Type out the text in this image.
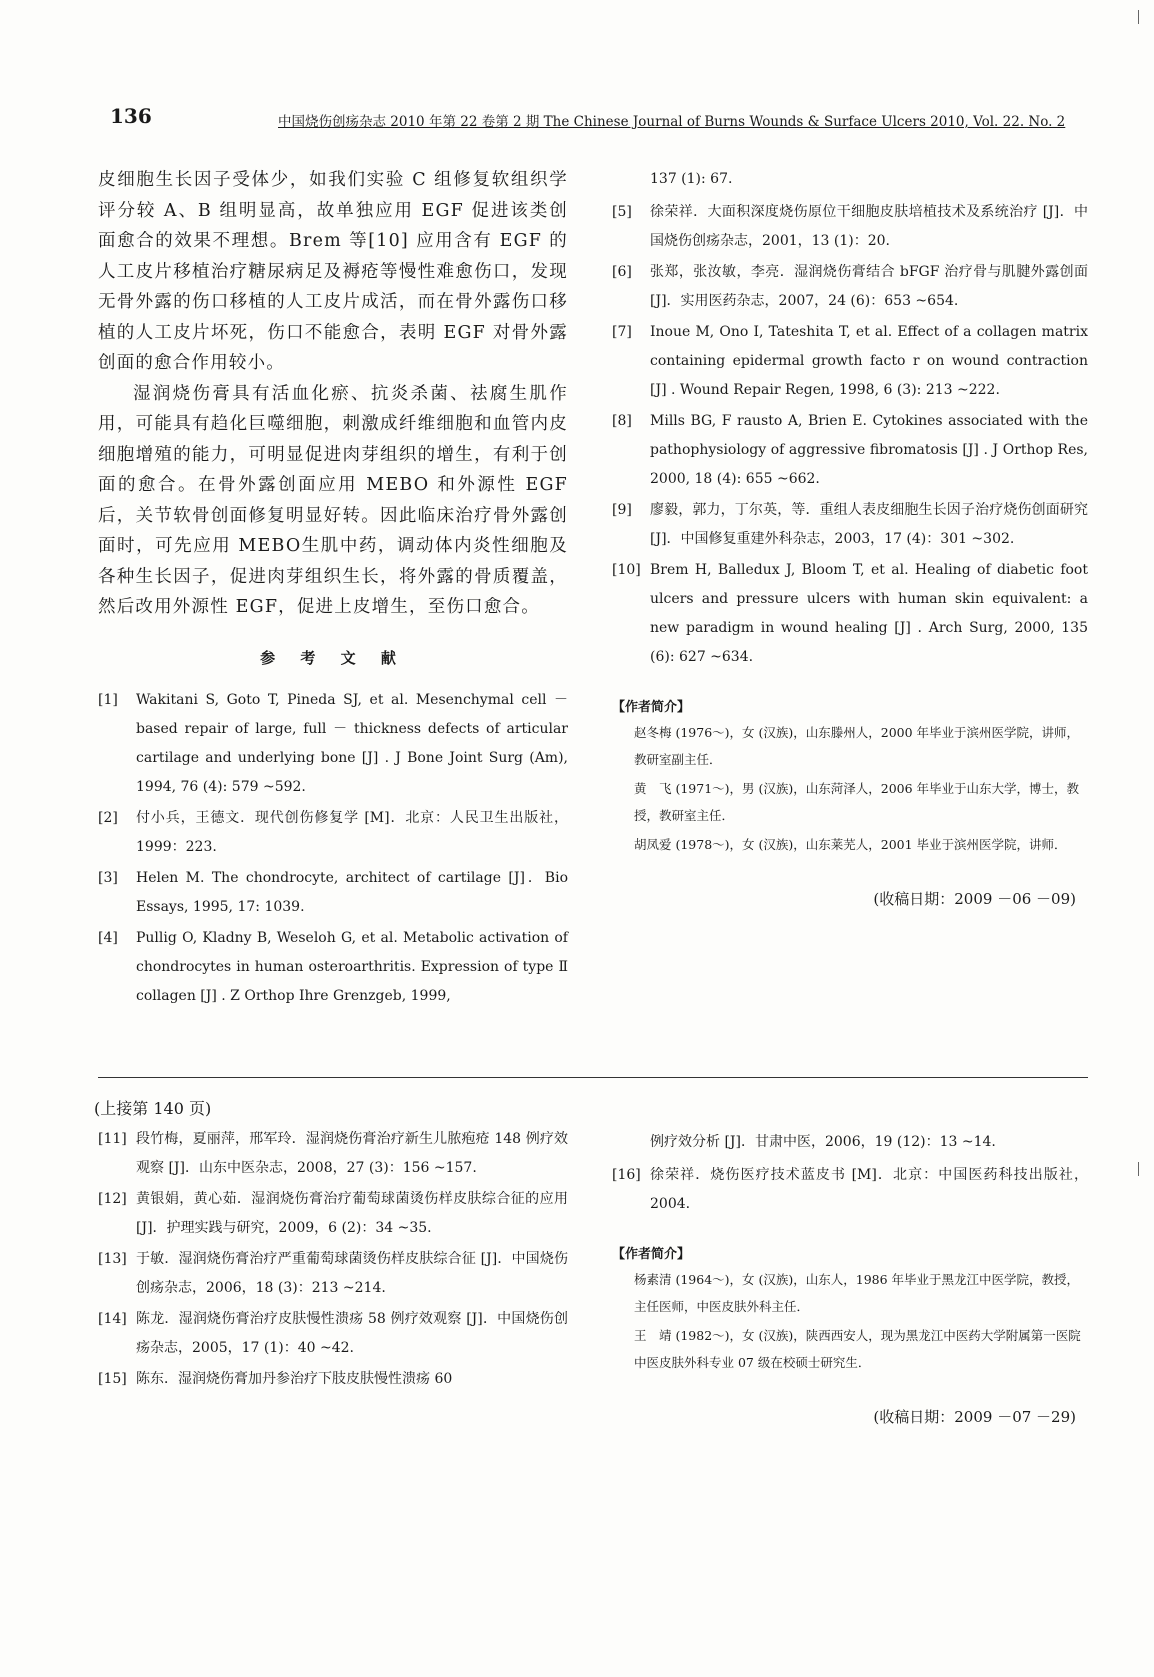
136	中国烧伤创疡杂志 2010 年第 22 卷第 2 期 The Chinese Journal of Burns Wounds & Surface Ulcers 2010, Vol. 22. No. 2

皮细胞生长因子受体少，如我们实验 C 组修复软组织学评分较 A、B 组明显高，故单独应用 EGF 促进该类创面愈合的效果不理想。Brem 等[10] 应用含有 EGF 的人工皮片移植治疗糖尿病足及褥疮等慢性难愈伤口，发现无骨外露的伤口移植的人工皮片成活，而在骨外露伤口移植的人工皮片坏死，伤口不能愈合，表明 EGF 对骨外露创面的愈合作用较小。

湿润烧伤膏具有活血化瘀、抗炎杀菌、祛腐生肌作用，可能具有趋化巨噬细胞，刺激成纤维细胞和血管内皮细胞增殖的能力，可明显促进肉芽组织的增生，有利于创面的愈合。在骨外露创面应用 MEBO 和外源性 EGF 后，关节软骨创面修复明显好转。因此临床治疗骨外露创面时，可先应用 MEBO生肌中药，调动体内炎性细胞及各种生长因子，促进肉芽组织生长，将外露的骨质覆盖，然后改用外源性 EGF，促进上皮增生，至伤口愈合。

参 考 文 献
[1]	Wakitani S, Goto T, Pineda SJ, et al. Mesenchymal cell －based repair of large, full － thickness defects of articular cartilage and underlying bone [J] . J Bone Joint Surg (Am), 1994, 76 (4): 579 ~592.
[2]	付小兵，王德文．现代创伤修复学 [M]．北京：人民卫生出版社，1999：223.
[3]	Helen M. The chondrocyte, architect of cartilage [J]．Bio Essays, 1995, 17: 1039.
[4]	Pullig O, Kladny B, Weseloh G, et al. Metabolic activation of chondrocytes in human osteroarthritis. Expression of type Ⅱ collagen [J] . Z Orthop Ihre Grenzgeb, 1999,
137 (1): 67.
[5]	徐荣祥．大面积深度烧伤原位干细胞皮肤培植技术及系统治疗 [J]．中国烧伤创疡杂志，2001，13 (1)：20.
[6]	张郑，张汝敏，李亮．湿润烧伤膏结合 bFGF 治疗骨与肌腱外露创面 [J]．实用医药杂志，2007，24 (6)：653 ~654.
[7]	Inoue M, Ono I, Tateshita T, et al. Effect of a collagen matrix containing epidermal growth facto r on wound contraction [J] . Wound Repair Regen, 1998, 6 (3): 213 ~222.
[8]	Mills BG, F rausto A, Brien E. Cytokines associated with the pathophysiology of aggressive fibromatosis [J] . J Orthop Res, 2000, 18 (4): 655 ~662.
[9]	廖毅，郭力，丁尔英，等．重组人表皮细胞生长因子治疗烧伤创面研究 [J]．中国修复重建外科杂志，2003，17 (4)：301 ~302.
[10] Brem H, Balledux J, Bloom T, et al. Healing of diabetic foot ulcers and pressure ulcers with human skin equivalent: a new paradigm in wound healing [J] . Arch Surg, 2000, 135 (6): 627 ~634.
【作者简介】

赵冬梅 (1976～)，女 (汉族)，山东滕州人，2000 年毕业于滨州医学院，讲师，教研室副主任．

黄　飞 (1971～)，男 (汉族)，山东菏泽人，2006 年毕业于山东大学，博士，教授，教研室主任．

胡凤爱 (1978～)，女 (汉族)，山东莱芜人，2001 毕业于滨州医学院，讲师．

(收稿日期：2009 －06 －09)
(上接第 140 页)
[11] 段竹梅，夏丽萍，邢军玲．湿润烧伤膏治疗新生儿脓疱疮 148 例疗效观察 [J]．山东中医杂志，2008，27 (3)：156 ~157.
[12] 黄银娟，黄心茹．湿润烧伤膏治疗葡萄球菌烫伤样皮肤综合征的应用 [J]．护理实践与研究，2009，6 (2)：34 ~35.
[13] 于敏．湿润烧伤膏治疗严重葡萄球菌烫伤样皮肤综合征 [J]．中国烧伤创疡杂志，2006，18 (3)：213 ~214.
[14] 陈龙．湿润烧伤膏治疗皮肤慢性溃疡 58 例疗效观察 [J]．中国烧伤创疡杂志，2005，17 (1)：40 ~42.
[15] 陈东．湿润烧伤膏加丹参治疗下肢皮肤慢性溃疡 60
例疗效分析 [J]．甘肃中医，2006，19 (12)：13 ~14.
[16] 徐荣祥．烧伤医疗技术蓝皮书 [M]．北京：中国医药科技出版社，2004.
【作者简介】

杨素清 (1964～)，女 (汉族)，山东人，1986 年毕业于黑龙江中医学院，教授，主任医师，中医皮肤外科主任．

王　靖 (1982～)，女 (汉族)，陕西西安人，现为黑龙江中医药大学附属第一医院中医皮肤外科专业 07 级在校硕士研究生．

(收稿日期：2009 －07 －29)
